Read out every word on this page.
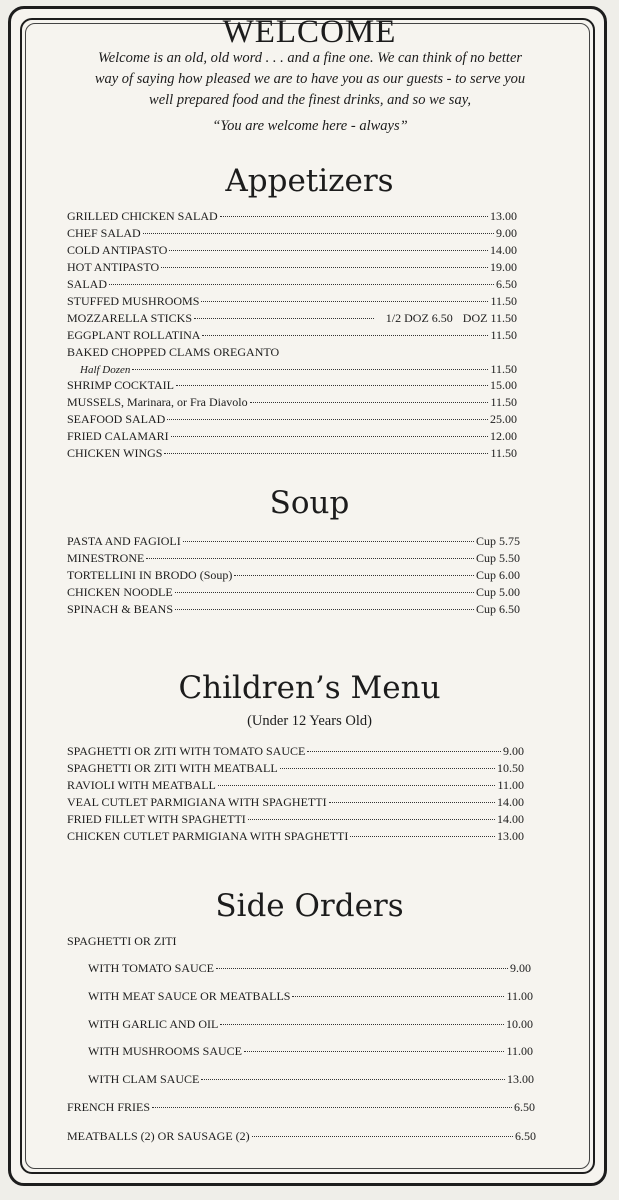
WELCOME
Welcome is an old, old word . . . and a fine one. We can think of no better
way of saying how pleased we are to have you as our guests - to serve you
well prepared food and the finest drinks, and so we say,
“You are welcome here - always”
Appetizers
GRILLED CHICKEN SALAD	13.00
CHEF SALAD	9.00
COLD ANTIPASTO	14.00
HOT ANTIPASTO	19.00
SALAD	6.50
STUFFED MUSHROOMS	11.50
MOZZARELLA STICKS	1/2 DOZ 6.50 DOZ 11.50
EGGPLANT ROLLATINA	11.50
BAKED CHOPPED CLAMS OREGANTO
Half Dozen	11.50
SHRIMP COCKTAIL	15.00
MUSSELS, Marinara, or Fra Diavolo	11.50
SEAFOOD SALAD	25.00
FRIED CALAMARI	12.00
CHICKEN WINGS	11.50
Soup
PASTA AND FAGIOLI	Cup 5.75
MINESTRONE	Cup 5.50
TORTELLINI IN BRODO (Soup)	Cup 6.00
CHICKEN NOODLE	Cup 5.00
SPINACH & BEANS	Cup 6.50
Children’s Menu
(Under 12 Years Old)
SPAGHETTI OR ZITI WITH TOMATO SAUCE	9.00
SPAGHETTI OR ZITI WITH MEATBALL	10.50
RAVIOLI WITH MEATBALL	11.00
VEAL CUTLET PARMIGIANA WITH SPAGHETTI	14.00
FRIED FILLET WITH SPAGHETTI	14.00
CHICKEN CUTLET PARMIGIANA WITH SPAGHETTI	13.00
Side Orders
SPAGHETTI OR ZITI
WITH TOMATO SAUCE	9.00
WITH MEAT SAUCE OR MEATBALLS	11.00
WITH GARLIC AND OIL	10.00
WITH MUSHROOMS SAUCE	11.00
WITH CLAM SAUCE	13.00
FRENCH FRIES	6.50
MEATBALLS (2) OR SAUSAGE (2)	6.50
